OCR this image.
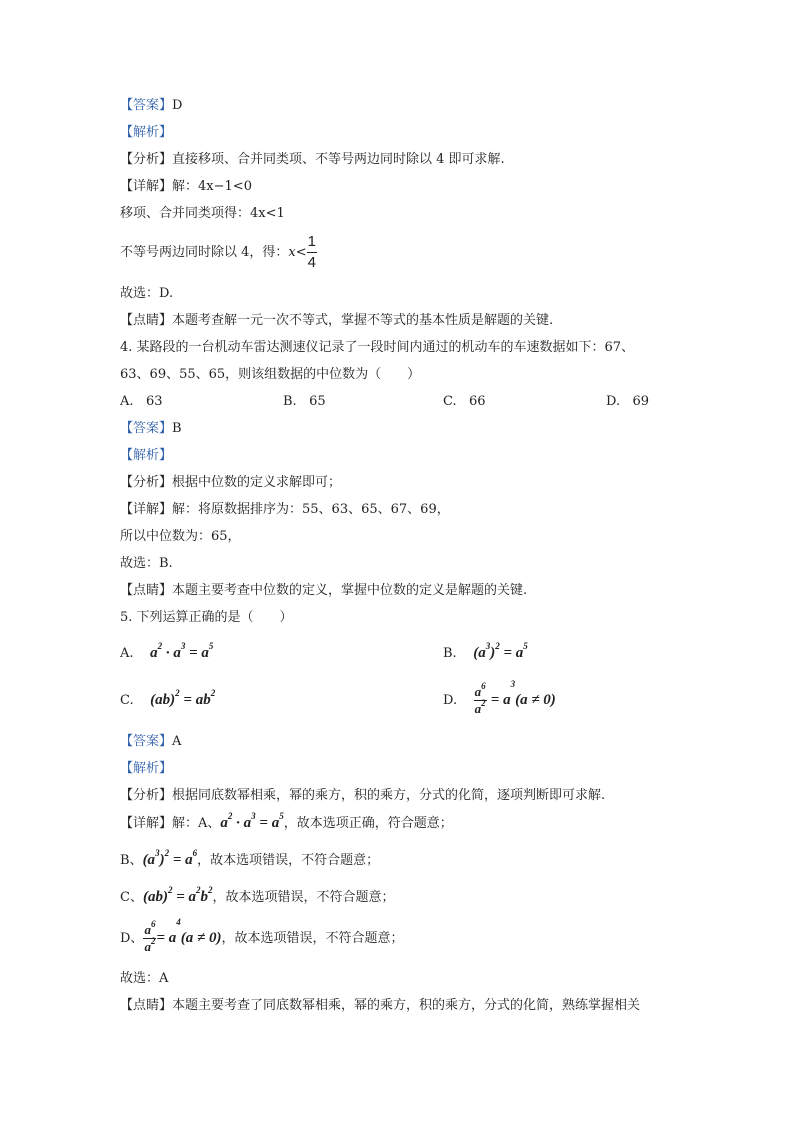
【答案】D
【解析】
【分析】直接移项、合并同类项、不等号两边同时除以 4 即可求解.
【详解】解：4x−1<0
移项、合并同类项得：4x<1
不等号两边同时除以 4，得：$x< \frac{1}{4}$
故选：D.
【点睛】本题考查解一元一次不等式，掌握不等式的基本性质是解题的关键.
4. 某路段的一台机动车雷达测速仪记录了一段时间内通过的机动车的车速数据如下：67、
63、69、55、65，则该组数据的中位数为（　　）
A. 63	B. 65	C. 66	D. 69
【答案】B
【解析】
【分析】根据中位数的定义求解即可；
【详解】解：将原数据排序为：55、63、65、67、69，
所以中位数为：65，
故选：B.
【点睛】本题主要考查中位数的定义，掌握中位数的定义是解题的关键.
5. 下列运算正确的是（　　）
A. $a^2 \cdot a^3 = a^5$	B. $(a^3)^2 = a^5$
C. $(ab)^2 = ab^2$	D. $\frac{a^6}{a^2} = a^3(a \ne 0)$
【答案】A
【解析】
【分析】根据同底数幂相乘，幂的乘方，积的乘方，分式的化简，逐项判断即可求解.
【详解】解：A、$a^2 \cdot a^3 = a^5$，故本选项正确，符合题意；
B、$(a^3)^2 = a^6$，故本选项错误，不符合题意；
C、$(ab)^2 = a^2b^2$，故本选项错误，不符合题意；
D、 $\frac{a^6}{a^2} = a^4(a \ne 0)$，故本选项错误，不符合题意；
故选：A
【点睛】本题主要考查了同底数幂相乘，幂的乘方，积的乘方，分式的化简，熟练掌握相关
